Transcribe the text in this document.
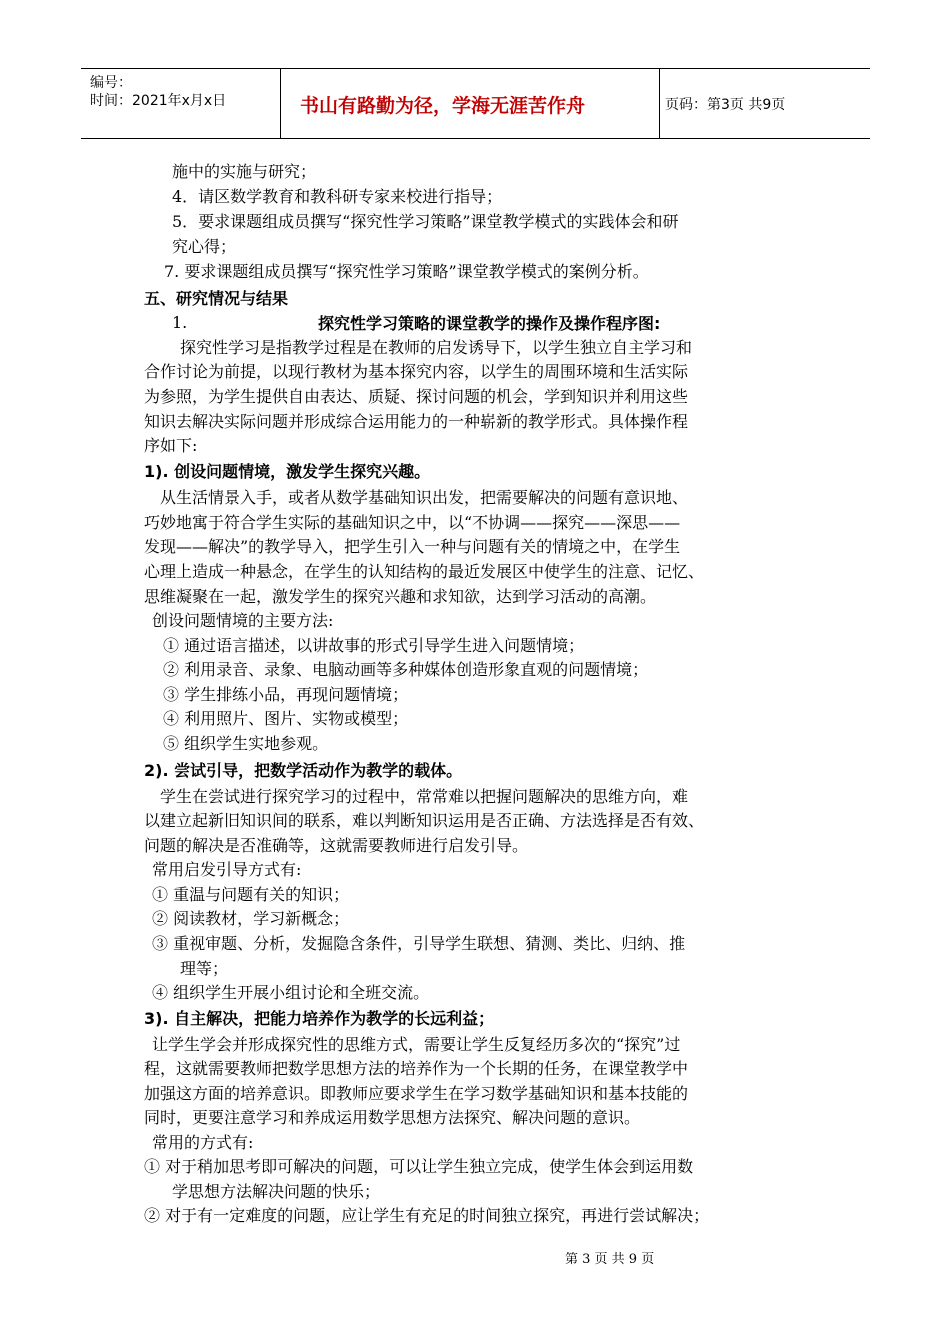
编号：
时间：2021年x月x日	书山有路勤为径，学海无涯苦作舟	页码：第3页 共9页
施中的实施与研究；
4．请区数学教育和教科研专家来校进行指导；
5．要求课题组成员撰写“探究性学习策略”课堂教学模式的实践体会和研
究心得；
7. 要求课题组成员撰写“探究性学习策略”课堂教学模式的案例分析。
五、研究情况与结果
1.	探究性学习策略的课堂教学的操作及操作程序图:
探究性学习是指教学过程是在教师的启发诱导下，以学生独立自主学习和
合作讨论为前提，以现行教材为基本探究内容，以学生的周围环境和生活实际
为参照，为学生提供自由表达、质疑、探讨问题的机会，学到知识并利用这些
知识去解决实际问题并形成综合运用能力的一种崭新的教学形式。具体操作程
序如下:
1). 创设问题情境，激发学生探究兴趣。
从生活情景入手，或者从数学基础知识出发，把需要解决的问题有意识地、
巧妙地寓于符合学生实际的基础知识之中，以“不协调——探究——深思——
发现——解决”的教学导入，把学生引入一种与问题有关的情境之中，在学生
心理上造成一种悬念，在学生的认知结构的最近发展区中使学生的注意、记忆、
思维凝聚在一起，激发学生的探究兴趣和求知欲，达到学习活动的高潮。
创设问题情境的主要方法:
① 通过语言描述，以讲故事的形式引导学生进入问题情境；
② 利用录音、录象、电脑动画等多种媒体创造形象直观的问题情境；
③ 学生排练小品，再现问题情境；
④ 利用照片、图片、实物或模型；
⑤ 组织学生实地参观。
2). 尝试引导，把数学活动作为教学的载体。
学生在尝试进行探究学习的过程中，常常难以把握问题解决的思维方向，难
以建立起新旧知识间的联系，难以判断知识运用是否正确、方法选择是否有效、
问题的解决是否准确等，这就需要教师进行启发引导。
常用启发引导方式有:
① 重温与问题有关的知识；
② 阅读教材，学习新概念；
③ 重视审题、分析，发掘隐含条件，引导学生联想、猜测、类比、归纳、推
理等；
④ 组织学生开展小组讨论和全班交流。
3). 自主解决，把能力培养作为教学的长远利益；
让学生学会并形成探究性的思维方式，需要让学生反复经历多次的“探究”过
程，这就需要教师把数学思想方法的培养作为一个长期的任务，在课堂教学中
加强这方面的培养意识。即教师应要求学生在学习数学基础知识和基本技能的
同时，更要注意学习和养成运用数学思想方法探究、解决问题的意识。
常用的方式有:
① 对于稍加思考即可解决的问题，可以让学生独立完成，使学生体会到运用数
学思想方法解决问题的快乐；
② 对于有一定难度的问题，应让学生有充足的时间独立探究，再进行尝试解决；
第 3 页 共 9 页
